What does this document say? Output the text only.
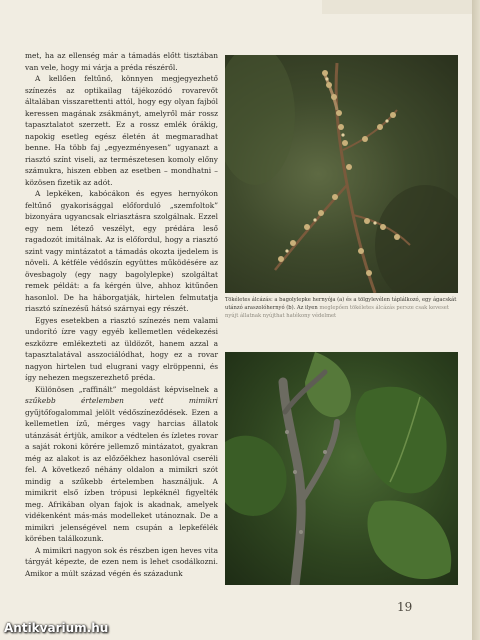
met, ha az ellenség már a támadás előtt tisztában van vele, hogy mi várja a préda részéről.

A kellően feltűnő, könnyen megjegyezhető színezés az optikailag tájékozódó rovarevőt általában visszarettenti attól, hogy egy olyan fajból keressen magának zsákmányt, amelyről már rossz tapasztalatot szerzett. Ez a rossz emlék órákig, napokig esetleg egész életén át megmaradhat benne. Ha több faj „egyezményesen” ugyanazt a riasztó színt viseli, az természetesen komoly előny számukra, hiszen ebben az esetben – mondhatni – közösen fizetik az adót.

A lepkéken, kabócákon és egyes hernyókon feltűnő gyakorisággal előforduló „szemfoltok” bizonyára ugyancsak elriasztásra szolgálnak. Ezzel egy nem létező veszélyt, egy prédára leső ragadozót imitálnak. Az is előfordul, hogy a riasztó szint vagy mintázatot a támadás okozta ijedelem is növeli. A kétféle védőszín együttes működésére az övesbagoly (egy nagy bagolylepke) szolgáltat remek példát: a fa kérgén ülve, ahhoz kitűnően hasonlol. De ha háborgatják, hirtelen felmutatja riasztó színezésű hátsó szárnyai egy részét.

Egyes esetekben a riasztó színezés nem valami undorító ízre vagy egyéb kellemetlen védekezési eszközre emlékezteti az üldözőt, hanem azzal a tapasztalatával asszociálódhat, hogy ez a rovar nagyon hirtelen tud elugrani vagy elröppenni, és így nehezen megszerezhető préda.

Különösen „raffinált” megoldást képviselnek a szűkebb értelemben vett mimikri gyűjtőfogalommal jelölt védőszíneződések. Ezen a kellemetlen ízű, mérges vagy harcias állatok utánzását értjük, amikor a védtelen és ízletes rovar a saját rokoni körére jellemző mintázatot, gyakran még az alakot is az előzőékhez hasonlóval cseréli fel. A következő néhány oldalon a mimikri szót mindig a szűkebb értelemben használjuk. A mimikrit első ízben trópusi lepkéknél figyelték meg. Afrikában olyan fajok is akadnak, amelyek vidékenként más-más modelleket utánoznak. De a mimikri jelenségével nem csupán a lepkefélék körében találkozunk.

A mimikri nagyon sok és részben igen heves vita tárgyát képezte, de ezen nem is lehet csodálkozni. Amikor a múlt század végén és századunk

Tökéletes álcázás: a bagolylepke hernyója (a) és a tölgylevélen táplálkozó, egy ágacskát utánzó araszolóhernyó (b). Az ilyen meglepően tökéletes álcázás persze csak keveset nyújt állatnak nyújthat hatékony védelmet

19
Antikvarium.hu
